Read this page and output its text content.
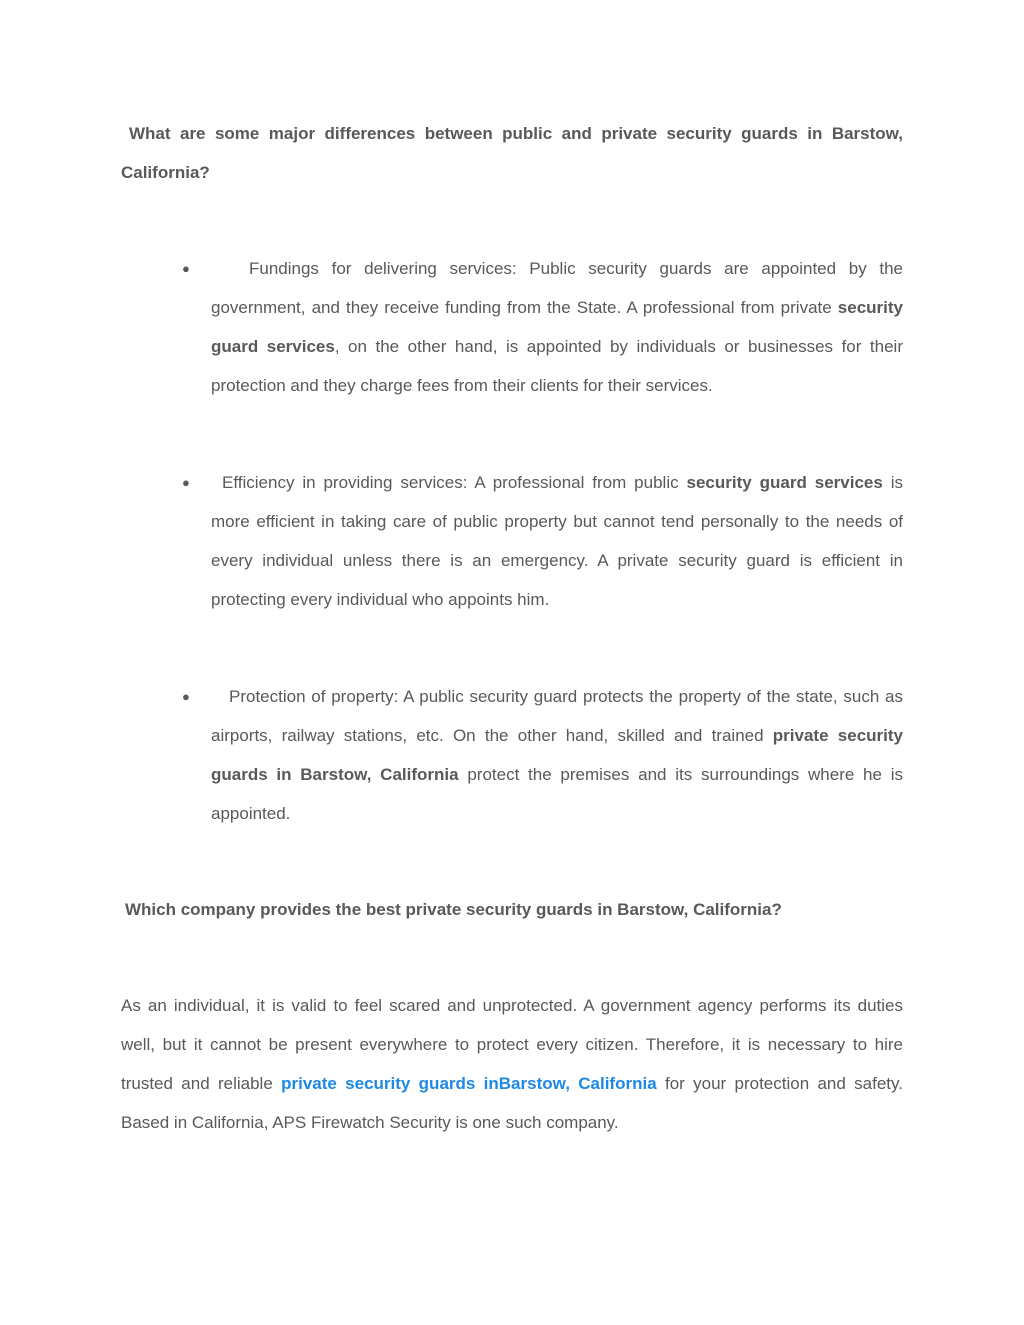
What are some major differences between public and private security guards in Barstow, California?
●	Fundings for delivering services: Public security guards are appointed by the government, and they receive funding from the State. A professional from private security guard services, on the other hand, is appointed by individuals or businesses for their protection and they charge fees from their clients for their services.
● Efficiency in providing services: A professional from public security guard services is more efficient in taking care of public property but cannot tend personally to the needs of every individual unless there is an emergency. A private security guard is efficient in protecting every individual who appoints him.
● Protection of property: A public security guard protects the property of the state, such as airports, railway stations, etc. On the other hand, skilled and trained private security guards in Barstow, California protect the premises and its surroundings where he is appointed.
Which company provides the best private security guards in Barstow, California?
As an individual, it is valid to feel scared and unprotected. A government agency performs its duties well, but it cannot be present everywhere to protect every citizen. Therefore, it is necessary to hire trusted and reliable private security guards inBarstow, California for your protection and safety. Based in California, APS Firewatch Security is one such company.
